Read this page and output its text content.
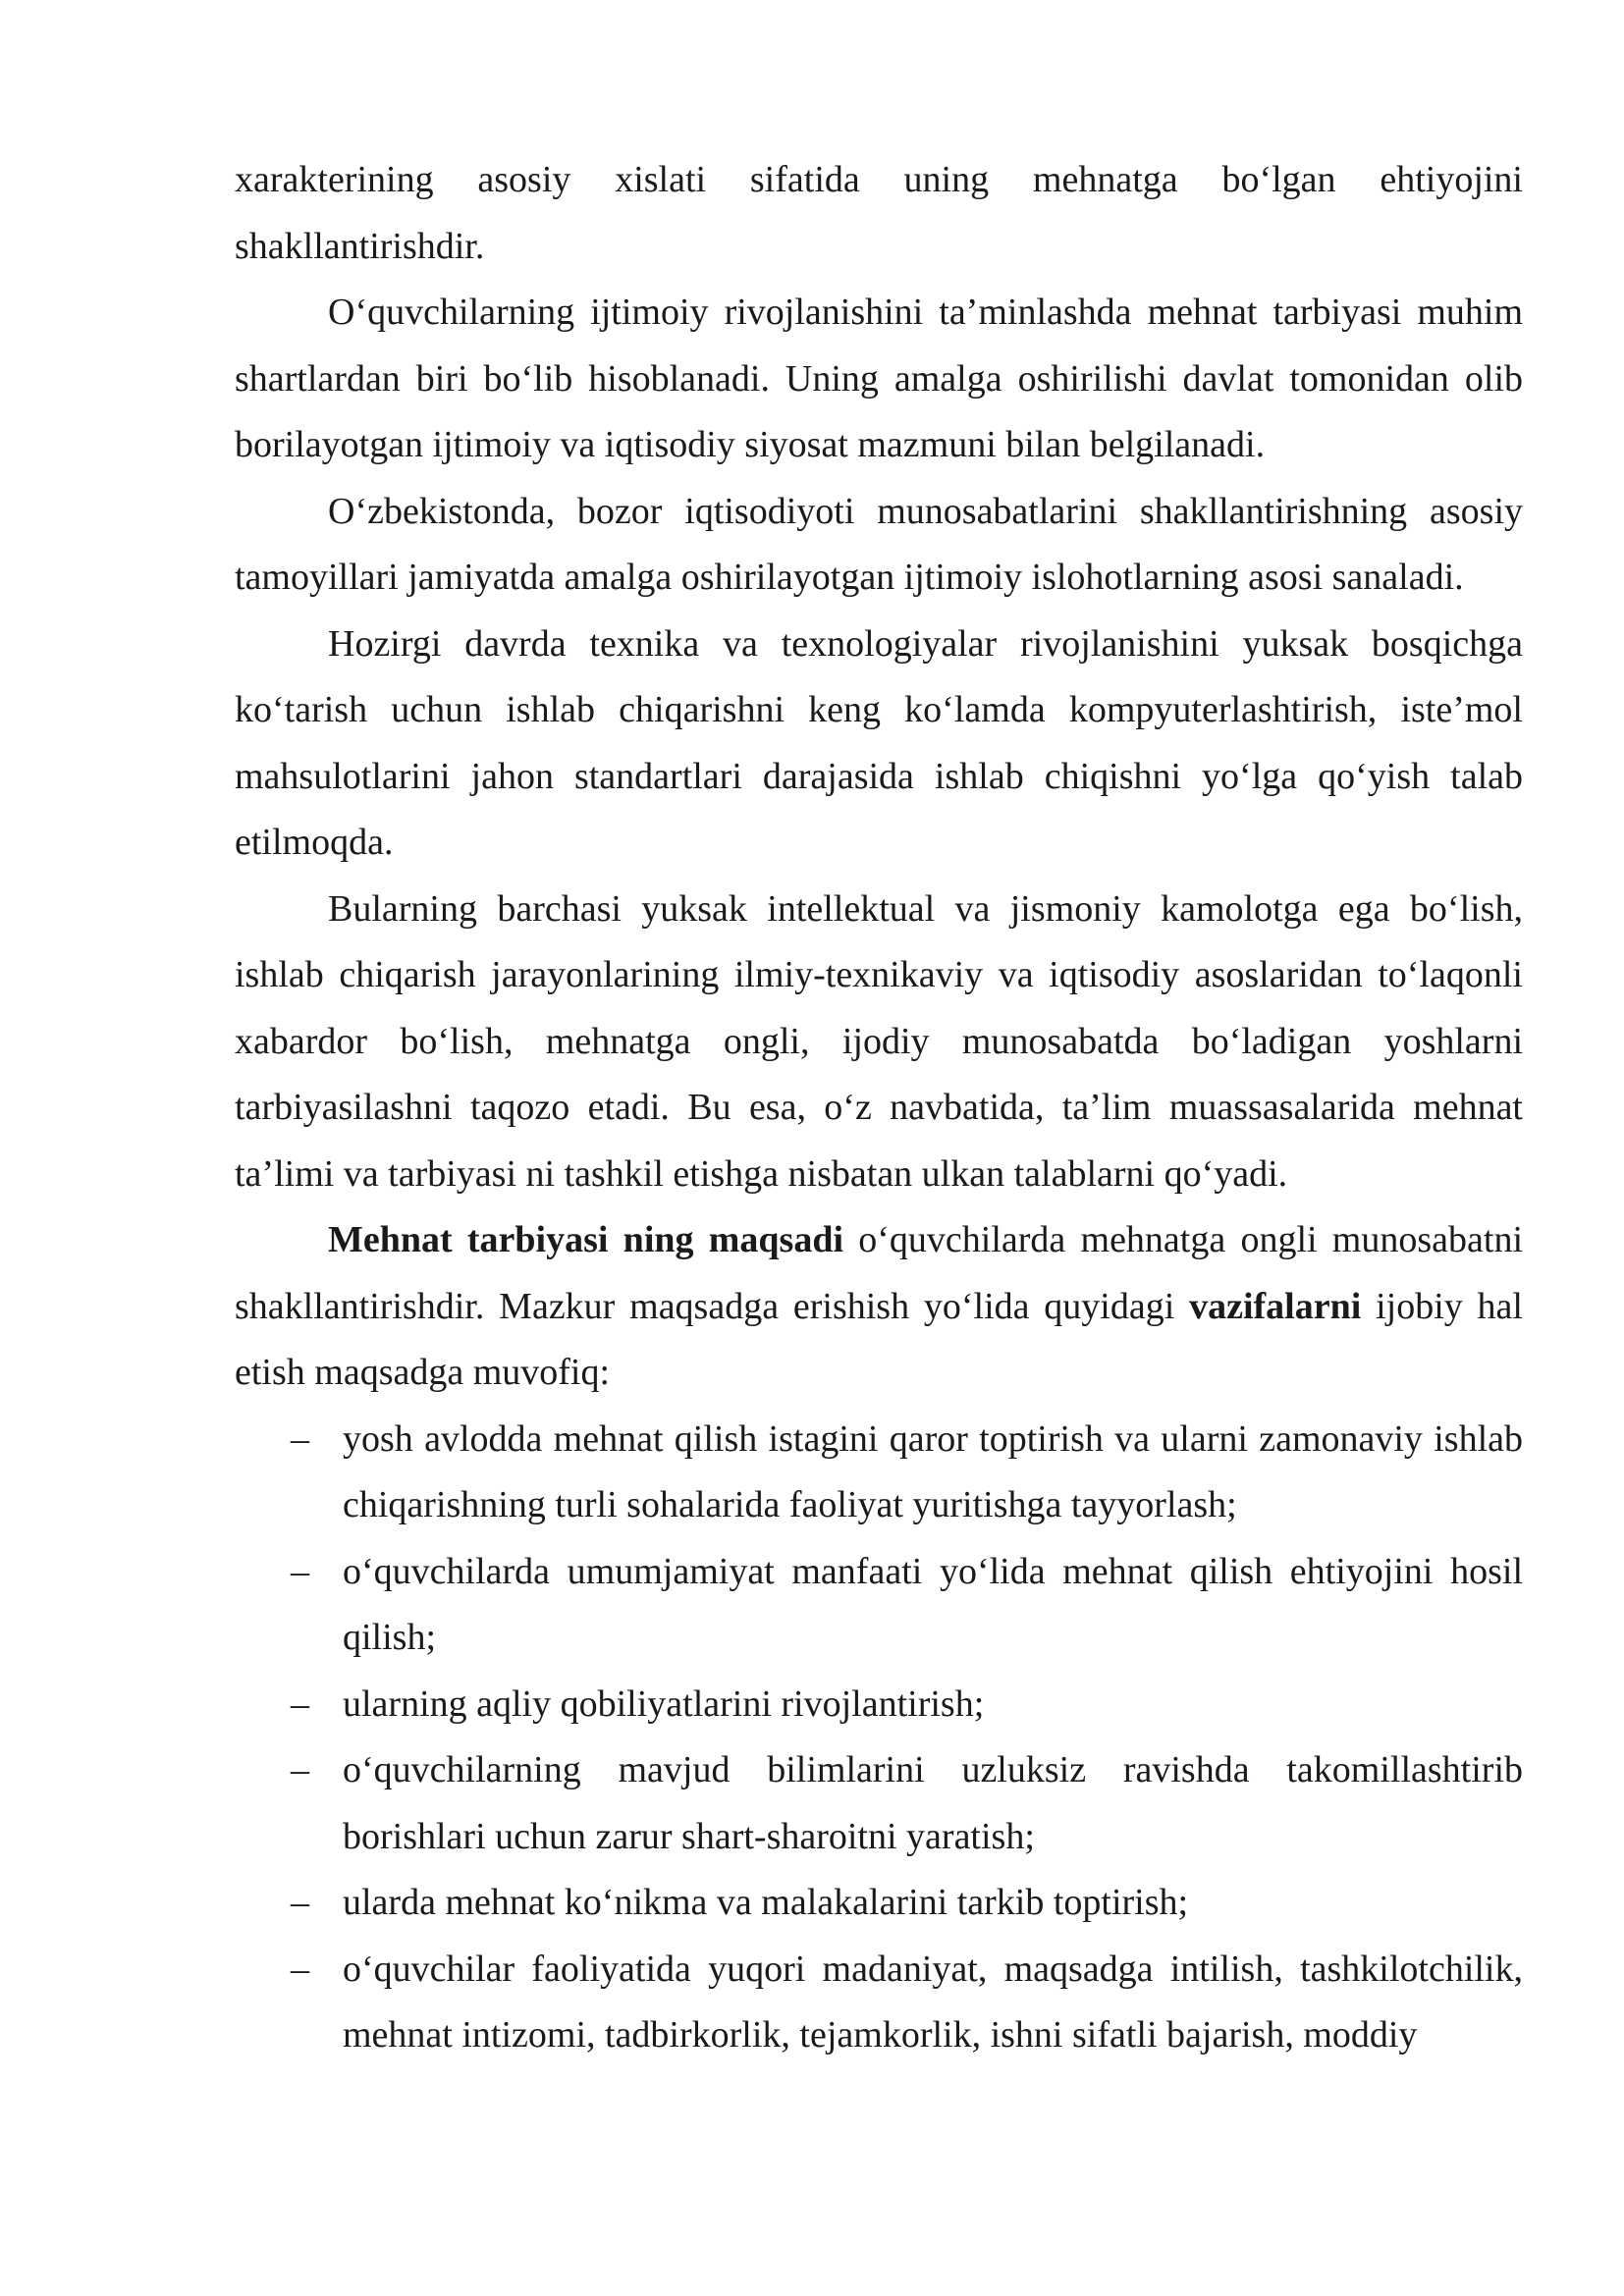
xarakterining asosiy xislati sifatida uning mehnatga bo‘lgan ehtiyojini shakllantirishdir.

O‘quvchilarning ijtimoiy rivojlanishini ta’minlashda mehnat tarbiyasi muhim shartlardan biri bo‘lib hisoblanadi. Uning amalga oshirilishi davlat tomonidan olib borilayotgan ijtimoiy va iqtisodiy siyosat mazmuni bilan belgilanadi.

O‘zbekistonda, bozor iqtisodiyoti munosabatlarini shakllantirishning asosiy tamoyillari jamiyatda amalga oshirilayotgan ijtimoiy islohotlarning asosi sanaladi.

Hozirgi davrda texnika va texnologiyalar rivojlanishini yuksak bosqichga ko‘tarish uchun ishlab chiqarishni keng ko‘lamda kompyuterlashtirish, iste’mol mahsulotlarini jahon standartlari darajasida ishlab chiqishni yo‘lga qo‘yish talab etilmoqda.

Bularning barchasi yuksak intellektual va jismoniy kamolotga ega bo‘lish, ishlab chiqarish jarayonlarining ilmiy-texnikaviy va iqtisodiy asoslaridan to‘laqonli xabardor bo‘lish, mehnatga ongli, ijodiy munosabatda bo‘ladigan yoshlarni tarbiyasilashni taqozo etadi. Bu esa, o‘z navbatida, ta’lim muassasalarida mehnat ta’limi va tarbiyasi ni tashkil etishga nisbatan ulkan talablarni qo‘yadi.

Mehnat tarbiyasi ning maqsadi o‘quvchilarda mehnatga ongli munosabatni shakllantirishdir. Mazkur maqsadga erishish yo‘lida quyidagi vazifalarni ijobiy hal etish maqsadga muvofiq:

– yosh avlodda mehnat qilish istagini qaror toptirish va ularni zamonaviy ishlab chiqarishning turli sohalarida faoliyat yuritishga tayyorlash;
– o‘quvchilarda umumjamiyat manfaati yo‘lida mehnat qilish ehtiyojini hosil qilish;
– ularning aqliy qobiliyatlarini rivojlantirish;
– o‘quvchilarning mavjud bilimlarini uzluksiz ravishda takomillashtirib borishlari uchun zarur shart-sharoitni yaratish;
– ularda mehnat ko‘nikma va malakalarini tarkib toptirish;
– o‘quvchilar faoliyatida yuqori madaniyat, maqsadga intilish, tashkilotchilik, mehnat intizomi, tadbirkorlik, tejamkorlik, ishni sifatli bajarish, moddiy
